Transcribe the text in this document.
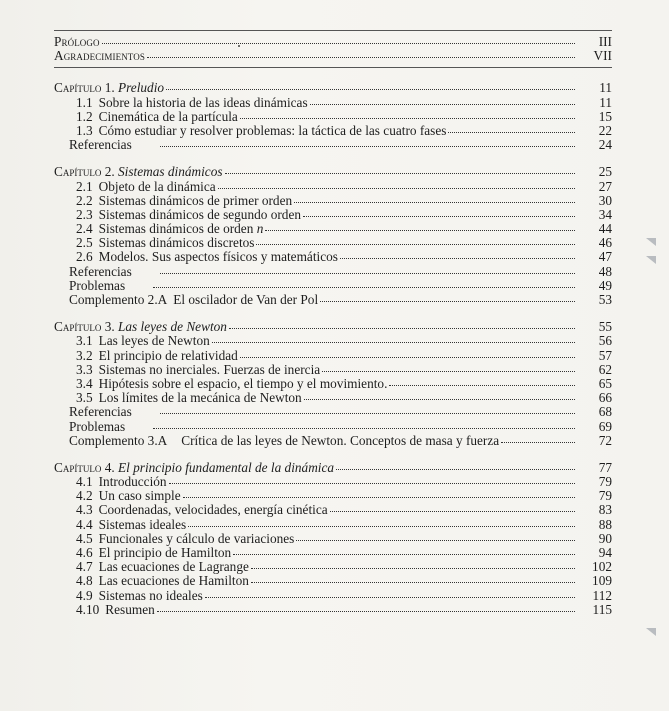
Prólogo	III
Agradecimientos	VII
Capítulo 1. Preludio	11
1.1 Sobre la historia de las ideas dinámicas	11
1.2 Cinemática de la partícula	15
1.3 Cómo estudiar y resolver problemas: la táctica de las cuatro fases	22
Referencias	24
Capítulo 2. Sistemas dinámicos	25
2.1 Objeto de la dinámica	27
2.2 Sistemas dinámicos de primer orden	30
2.3 Sistemas dinámicos de segundo orden	34
2.4 Sistemas dinámicos de orden n	44
2.5 Sistemas dinámicos discretos	46
2.6 Modelos. Sus aspectos físicos y matemáticos	47
Referencias	48
Problemas	49
Complemento 2.A El oscilador de Van der Pol	53
Capítulo 3. Las leyes de Newton	55
3.1 Las leyes de Newton	56
3.2 El principio de relatividad	57
3.3 Sistemas no inerciales. Fuerzas de inercia	62
3.4 Hipótesis sobre el espacio, el tiempo y el movimiento.	65
3.5 Los límites de la mecánica de Newton	66
Referencias	68
Problemas	69
Complemento 3.A Crítica de las leyes de Newton. Conceptos de masa y fuerza	72
Capítulo 4. El principio fundamental de la dinámica	77
4.1 Introducción	79
4.2 Un caso simple	79
4.3 Coordenadas, velocidades, energía cinética	83
4.4 Sistemas ideales	88
4.5 Funcionales y cálculo de variaciones	90
4.6 El principio de Hamilton	94
4.7 Las ecuaciones de Lagrange	102
4.8 Las ecuaciones de Hamilton	109
4.9 Sistemas no ideales	112
4.10 Resumen	115
